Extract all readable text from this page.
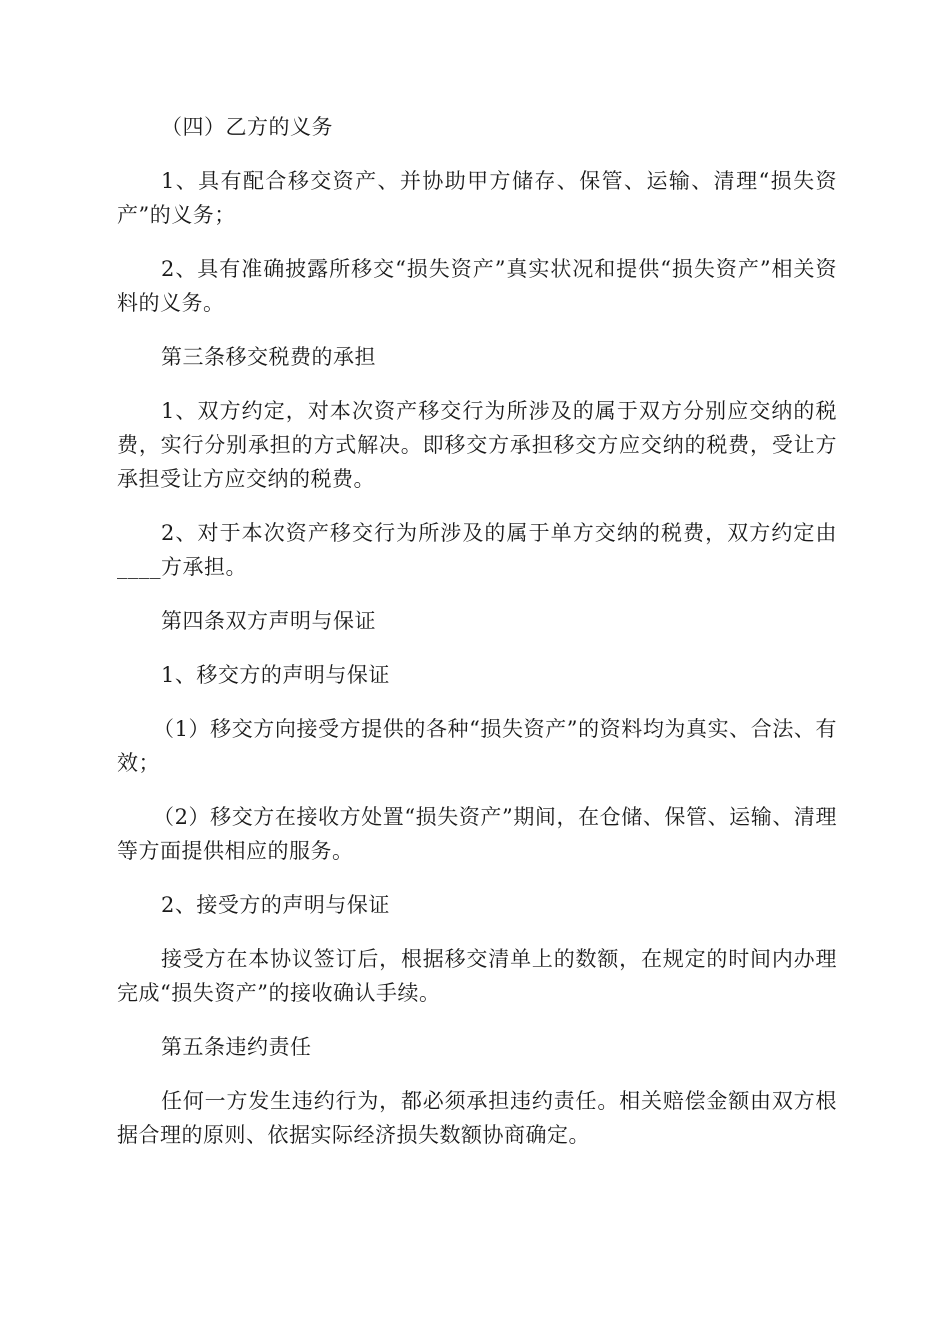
（四）乙方的义务

1、具有配合移交资产、并协助甲方储存、保管、运输、清理“损失资产”的义务；

2、具有准确披露所移交“损失资产”真实状况和提供“损失资产”相关资料的义务。

第三条移交税费的承担

1、双方约定，对本次资产移交行为所涉及的属于双方分别应交纳的税费，实行分别承担的方式解决。即移交方承担移交方应交纳的税费，受让方承担受让方应交纳的税费。

2、对于本次资产移交行为所涉及的属于单方交纳的税费，双方约定由____方承担。

第四条双方声明与保证

1、移交方的声明与保证

（1）移交方向接受方提供的各种“损失资产”的资料均为真实、合法、有效；

（2）移交方在接收方处置“损失资产”期间，在仓储、保管、运输、清理等方面提供相应的服务。

2、接受方的声明与保证

接受方在本协议签订后，根据移交清单上的数额，在规定的时间内办理完成“损失资产”的接收确认手续。

第五条违约责任

任何一方发生违约行为，都必须承担违约责任。相关赔偿金额由双方根据合理的原则、依据实际经济损失数额协商确定。
